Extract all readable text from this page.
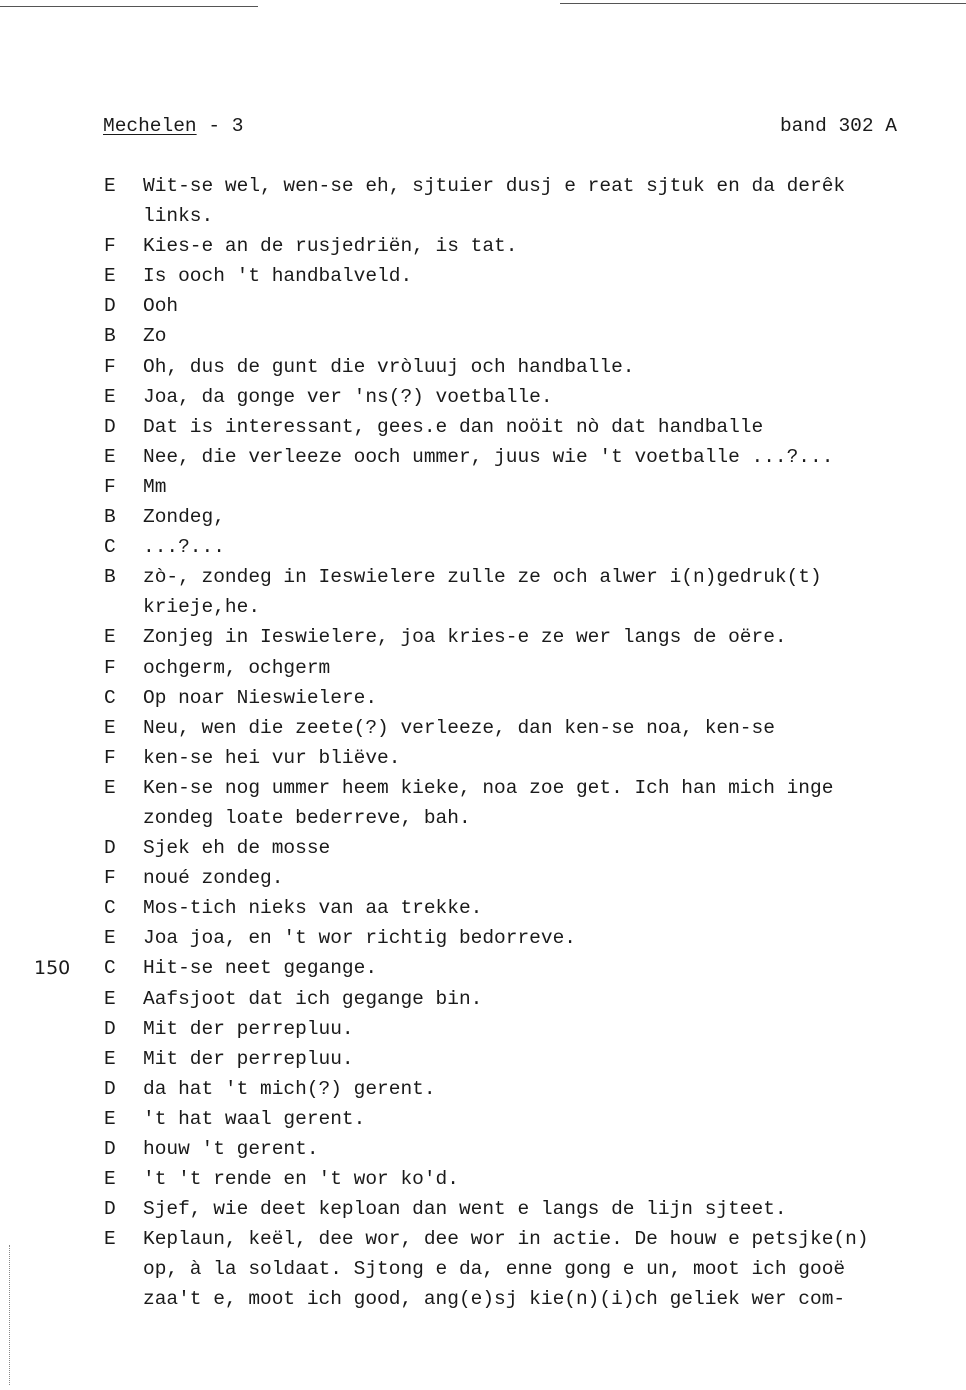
Mechelen - 3	band 302 A
E	Wit-se wel, wen-se eh, sjtuier dusj e reat sjtuk en da derêk
links.
F	Kies-e an de rusjedriën, is tat.
E	Is ooch 't handbalveld.
D	Ooh
B	Zo
F	Oh, dus de gunt die vròluuj och handballe.
E	Joa, da gonge ver 'ns(?) voetballe.
D	Dat is interessant, gees.e dan noöit nò dat handballe
E	Nee, die verleeze ooch ummer, juus wie 't voetballe ...?...
F	Mm
B	Zondeg,
C	...?...
B	zò-, zondeg in Ieswielere zulle ze och alwer i(n)gedruk(t)
krieje,he.
E	Zonjeg in Ieswielere, joa kries-e ze wer langs de oëre.
F	ochgerm, ochgerm
C	Op noar Nieswielere.
E	Neu, wen die zeete(?) verleeze, dan ken-se noa, ken-se
F	ken-se hei vur bliëve.
E	Ken-se nog ummer heem kieke, noa zoe get. Ich han mich inge
zondeg loate bederreve, bah.
D	Sjek eh de mosse
F	noué zondeg.
C	Mos-tich nieks van aa trekke.
E	Joa joa, en 't wor richtig bedorreve.
150	C	Hit-se neet gegange.
E	Aafsjoot dat ich gegange bin.
D	Mit der perrepluu.
E	Mit der perrepluu.
D	da hat 't mich(?) gerent.
E	't hat waal gerent.
D	houw 't gerent.
E	't 't rende en 't wor ko'd.
D	Sjef, wie deet keploan dan went e langs de lijn sjteet.
E	Keplaun, keël, dee wor, dee wor in actie. De houw e petsjke(n)
op, à la soldaat. Sjtong e da, enne gong e un, moot ich gooë
zaa't e, moot ich good, ang(e)sj kie(n)(i)ch geliek wer com-
